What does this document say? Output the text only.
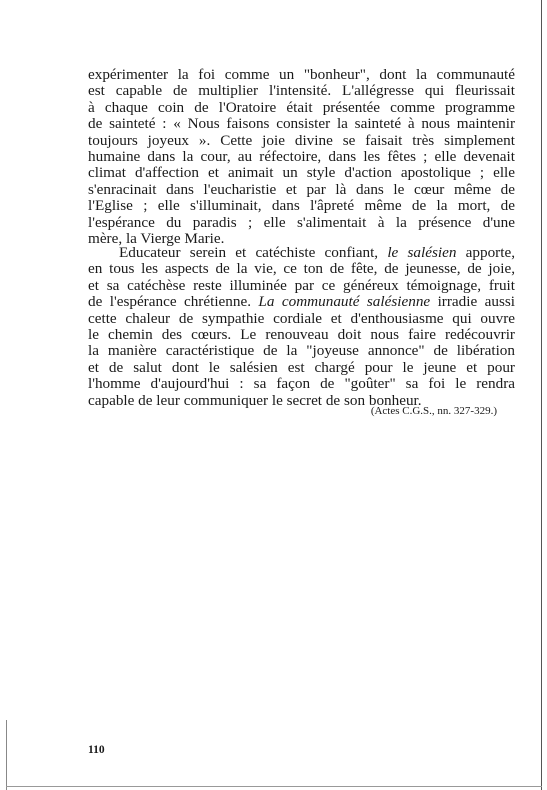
expérimenter la foi comme un "bonheur", dont la communauté
est capable de multiplier l'intensité. L'allégresse qui fleurissait
à chaque coin de l'Oratoire était présentée comme programme
de sainteté : « Nous faisons consister la sainteté à nous maintenir
toujours joyeux ». Cette joie divine se faisait très simplement
humaine dans la cour, au réfectoire, dans les fêtes ; elle devenait
climat d'affection et animait un style d'action apostolique ; elle
s'enracinait dans l'eucharistie et par là dans le cœur même de
l'Eglise ; elle s'illuminait, dans l'âpreté même de la mort, de
l'espérance du paradis ; elle s'alimentait à la présence d'une
mère, la Vierge Marie.
Educateur serein et catéchiste confiant, le salésien apporte,
en tous les aspects de la vie, ce ton de fête, de jeunesse, de joie,
et sa catéchèse reste illuminée par ce généreux témoignage, fruit
de l'espérance chrétienne. La communauté salésienne irradie aussi
cette chaleur de sympathie cordiale et d'enthousiasme qui ouvre
le chemin des cœurs. Le renouveau doit nous faire redécouvrir
la manière caractéristique de la "joyeuse annonce" de libération
et de salut dont le salésien est chargé pour le jeune et pour
l'homme d'aujourd'hui : sa façon de "goûter" sa foi le rendra
capable de leur communiquer le secret de son bonheur.
(Actes C.G.S., nn. 327-329.)
110
